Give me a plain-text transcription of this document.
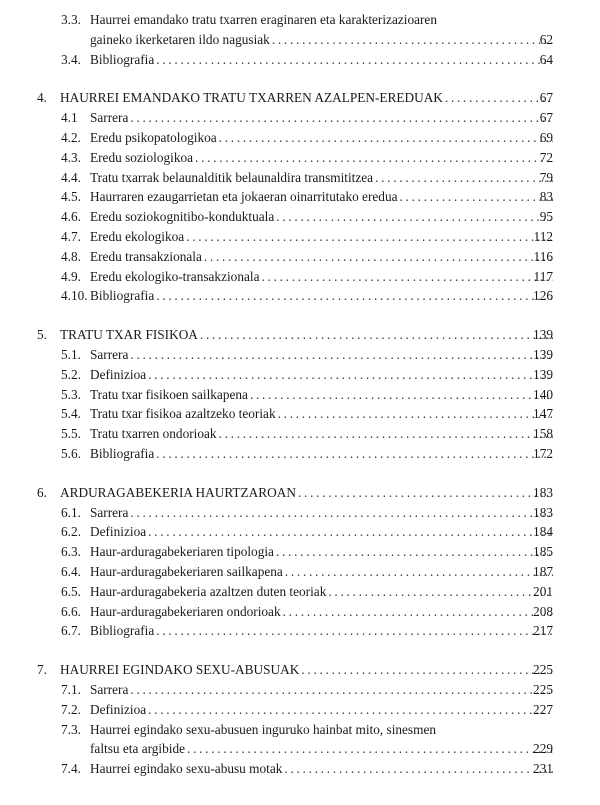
3.3. Haurrei emandako tratu txarren eraginaren eta karakterizazioaren
gaineko ikerketaren ildo nagusiak . . .	62
3.4. Bibliografia . . .	64
4. HAURREI EMANDAKO TRATU TXARREN AZALPEN-EREDUAK . . .	67
4.1 Sarrera . . .	67
4.2. Eredu psikopatologikoa . . .	69
4.3. Eredu soziologikoa . . .	72
4.4. Tratu txarrak belaunalditik belaunaldira transmititzea . . .	79
4.5. Haurraren ezaugarrietan eta jokaeran oinarritutako eredua . . .	83
4.6. Eredu soziokognitibo-konduktuala . . .	95
4.7. Eredu ekologikoa . . .	112
4.8. Eredu transakzionala . . .	116
4.9. Eredu ekologiko-transakzionala . . .	117
4.10. Bibliografia . . .	126
5. TRATU TXAR FISIKOA . . .	139
5.1. Sarrera . . .	139
5.2. Definizioa . . .	139
5.3. Tratu txar fisikoen sailkapena . . .	140
5.4. Tratu txar fisikoa azaltzeko teoriak . . .	147
5.5. Tratu txarren ondorioak . . .	158
5.6. Bibliografia . . .	172
6. ARDURAGABEKERIA HAURTZAROAN . . .	183
6.1. Sarrera . . .	183
6.2. Definizioa . . .	184
6.3. Haur-arduragabekeriaren tipologia . . .	185
6.4. Haur-arduragabekeriaren sailkapena . . .	187
6.5. Haur-arduragabekeria azaltzen duten teoriak . . .	201
6.6. Haur-arduragabekeriaren ondorioak . . .	208
6.7. Bibliografia . . .	217
7. HAURREI EGINDAKO SEXU-ABUSUAK . . .	225
7.1. Sarrera . . .	225
7.2. Definizioa . . .	227
7.3. Haurrei egindako sexu-abusuen inguruko hainbat mito, sinesmen
faltsu eta argibide . . .	229
7.4. Haurrei egindako sexu-abusu motak . . .	231
